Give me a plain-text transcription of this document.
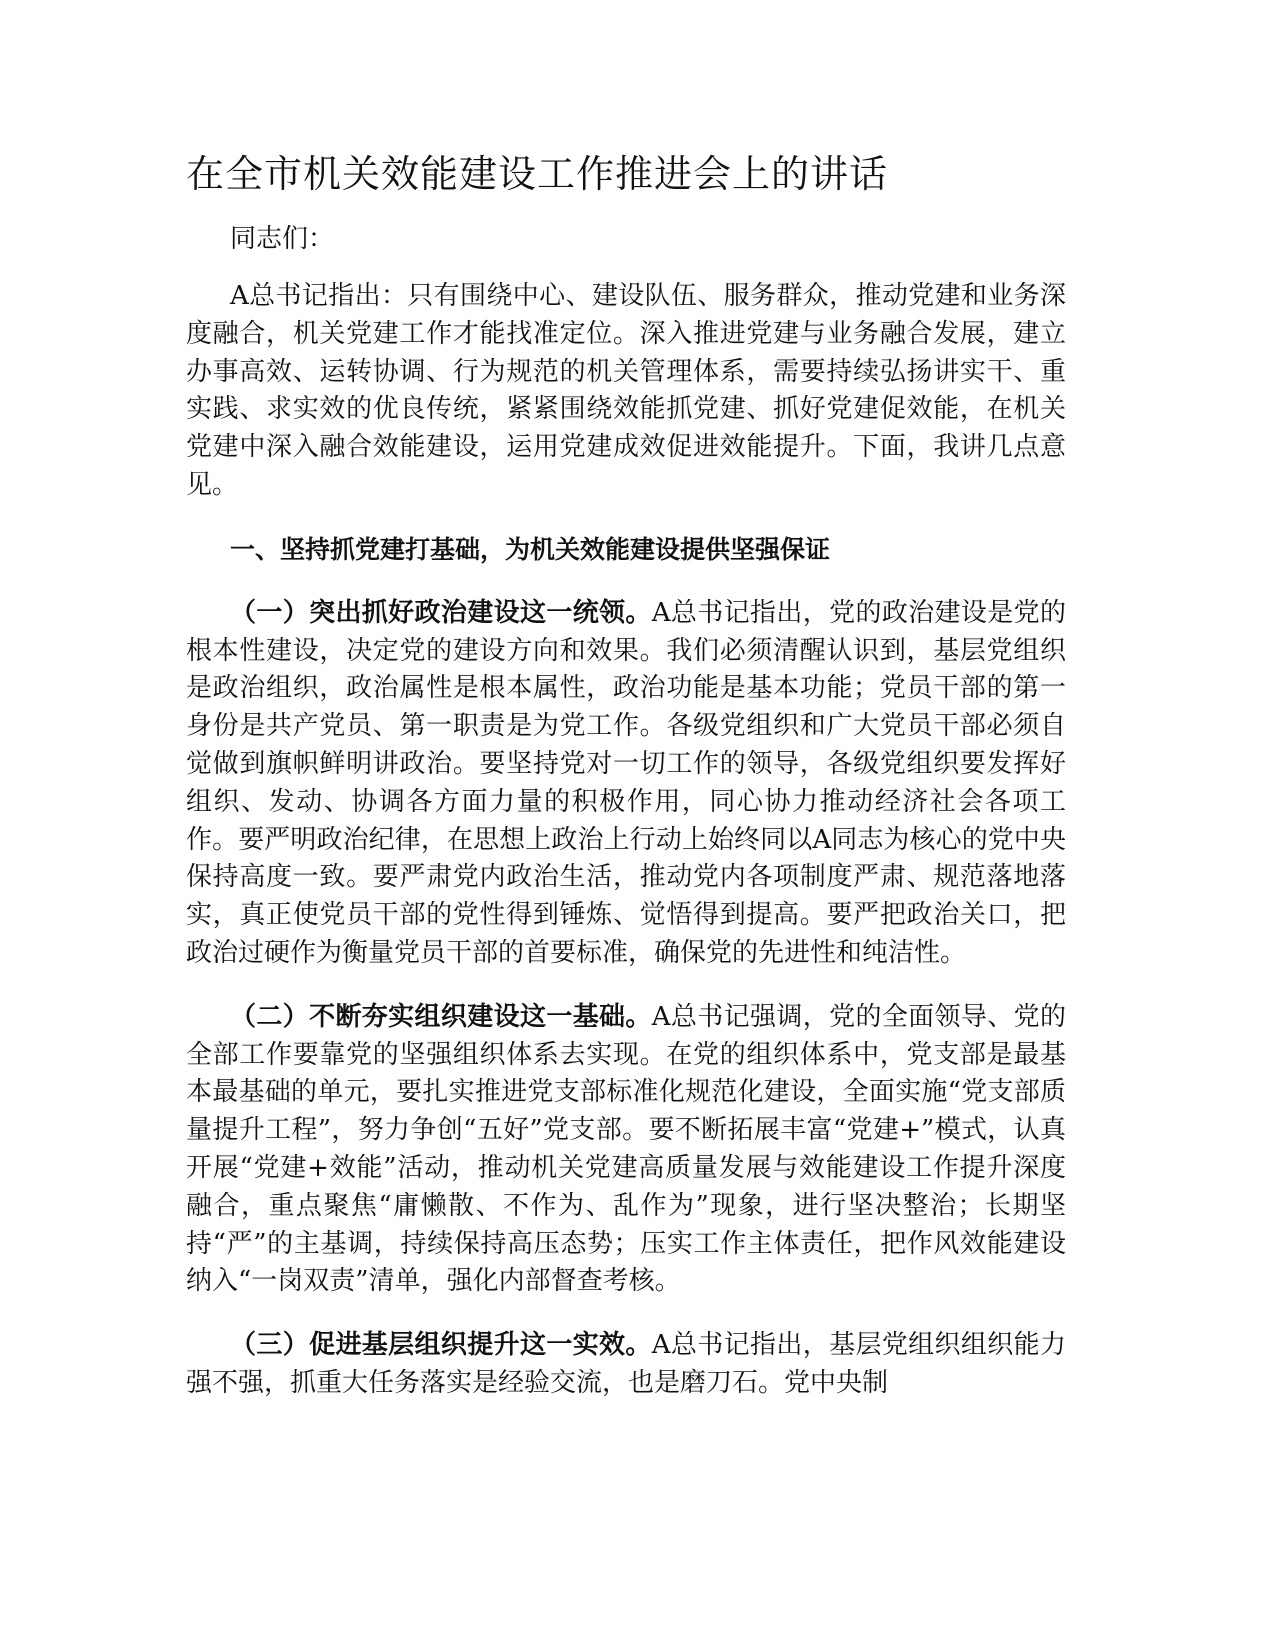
在全市机关效能建设工作推进会上的讲话

同志们：

A总书记指出：只有围绕中心、建设队伍、服务群众，推动党建和业务深度融合，机关党建工作才能找准定位。深入推进党建与业务融合发展，建立办事高效、运转协调、行为规范的机关管理体系，需要持续弘扬讲实干、重实践、求实效的优良传统，紧紧围绕效能抓党建、抓好党建促效能，在机关党建中深入融合效能建设，运用党建成效促进效能提升。下面，我讲几点意见。

一、坚持抓党建打基础，为机关效能建设提供坚强保证

（一）突出抓好政治建设这一统领。A总书记指出，党的政治建设是党的根本性建设，决定党的建设方向和效果。我们必须清醒认识到，基层党组织是政治组织，政治属性是根本属性，政治功能是基本功能；党员干部的第一身份是共产党员、第一职责是为党工作。各级党组织和广大党员干部必须自觉做到旗帜鲜明讲政治。要坚持党对一切工作的领导，各级党组织要发挥好组织、发动、协调各方面力量的积极作用，同心协力推动经济社会各项工作。要严明政治纪律，在思想上政治上行动上始终同以A同志为核心的党中央保持高度一致。要严肃党内政治生活，推动党内各项制度严肃、规范落地落实，真正使党员干部的党性得到锤炼、觉悟得到提高。要严把政治关口，把政治过硬作为衡量党员干部的首要标准，确保党的先进性和纯洁性。

（二）不断夯实组织建设这一基础。A总书记强调，党的全面领导、党的全部工作要靠党的坚强组织体系去实现。在党的组织体系中，党支部是最基本最基础的单元，要扎实推进党支部标准化规范化建设，全面实施“党支部质量提升工程”，努力争创“五好”党支部。要不断拓展丰富“党建+”模式，认真开展“党建+效能”活动，推动机关党建高质量发展与效能建设工作提升深度融合，重点聚焦“庸懒散、不作为、乱作为”现象，进行坚决整治；长期坚持“严”的主基调，持续保持高压态势；压实工作主体责任，把作风效能建设纳入“一岗双责”清单，强化内部督查考核。

（三）促进基层组织提升这一实效。A总书记指出，基层党组织组织能力强不强，抓重大任务落实是经验交流，也是磨刀石。党中央制
